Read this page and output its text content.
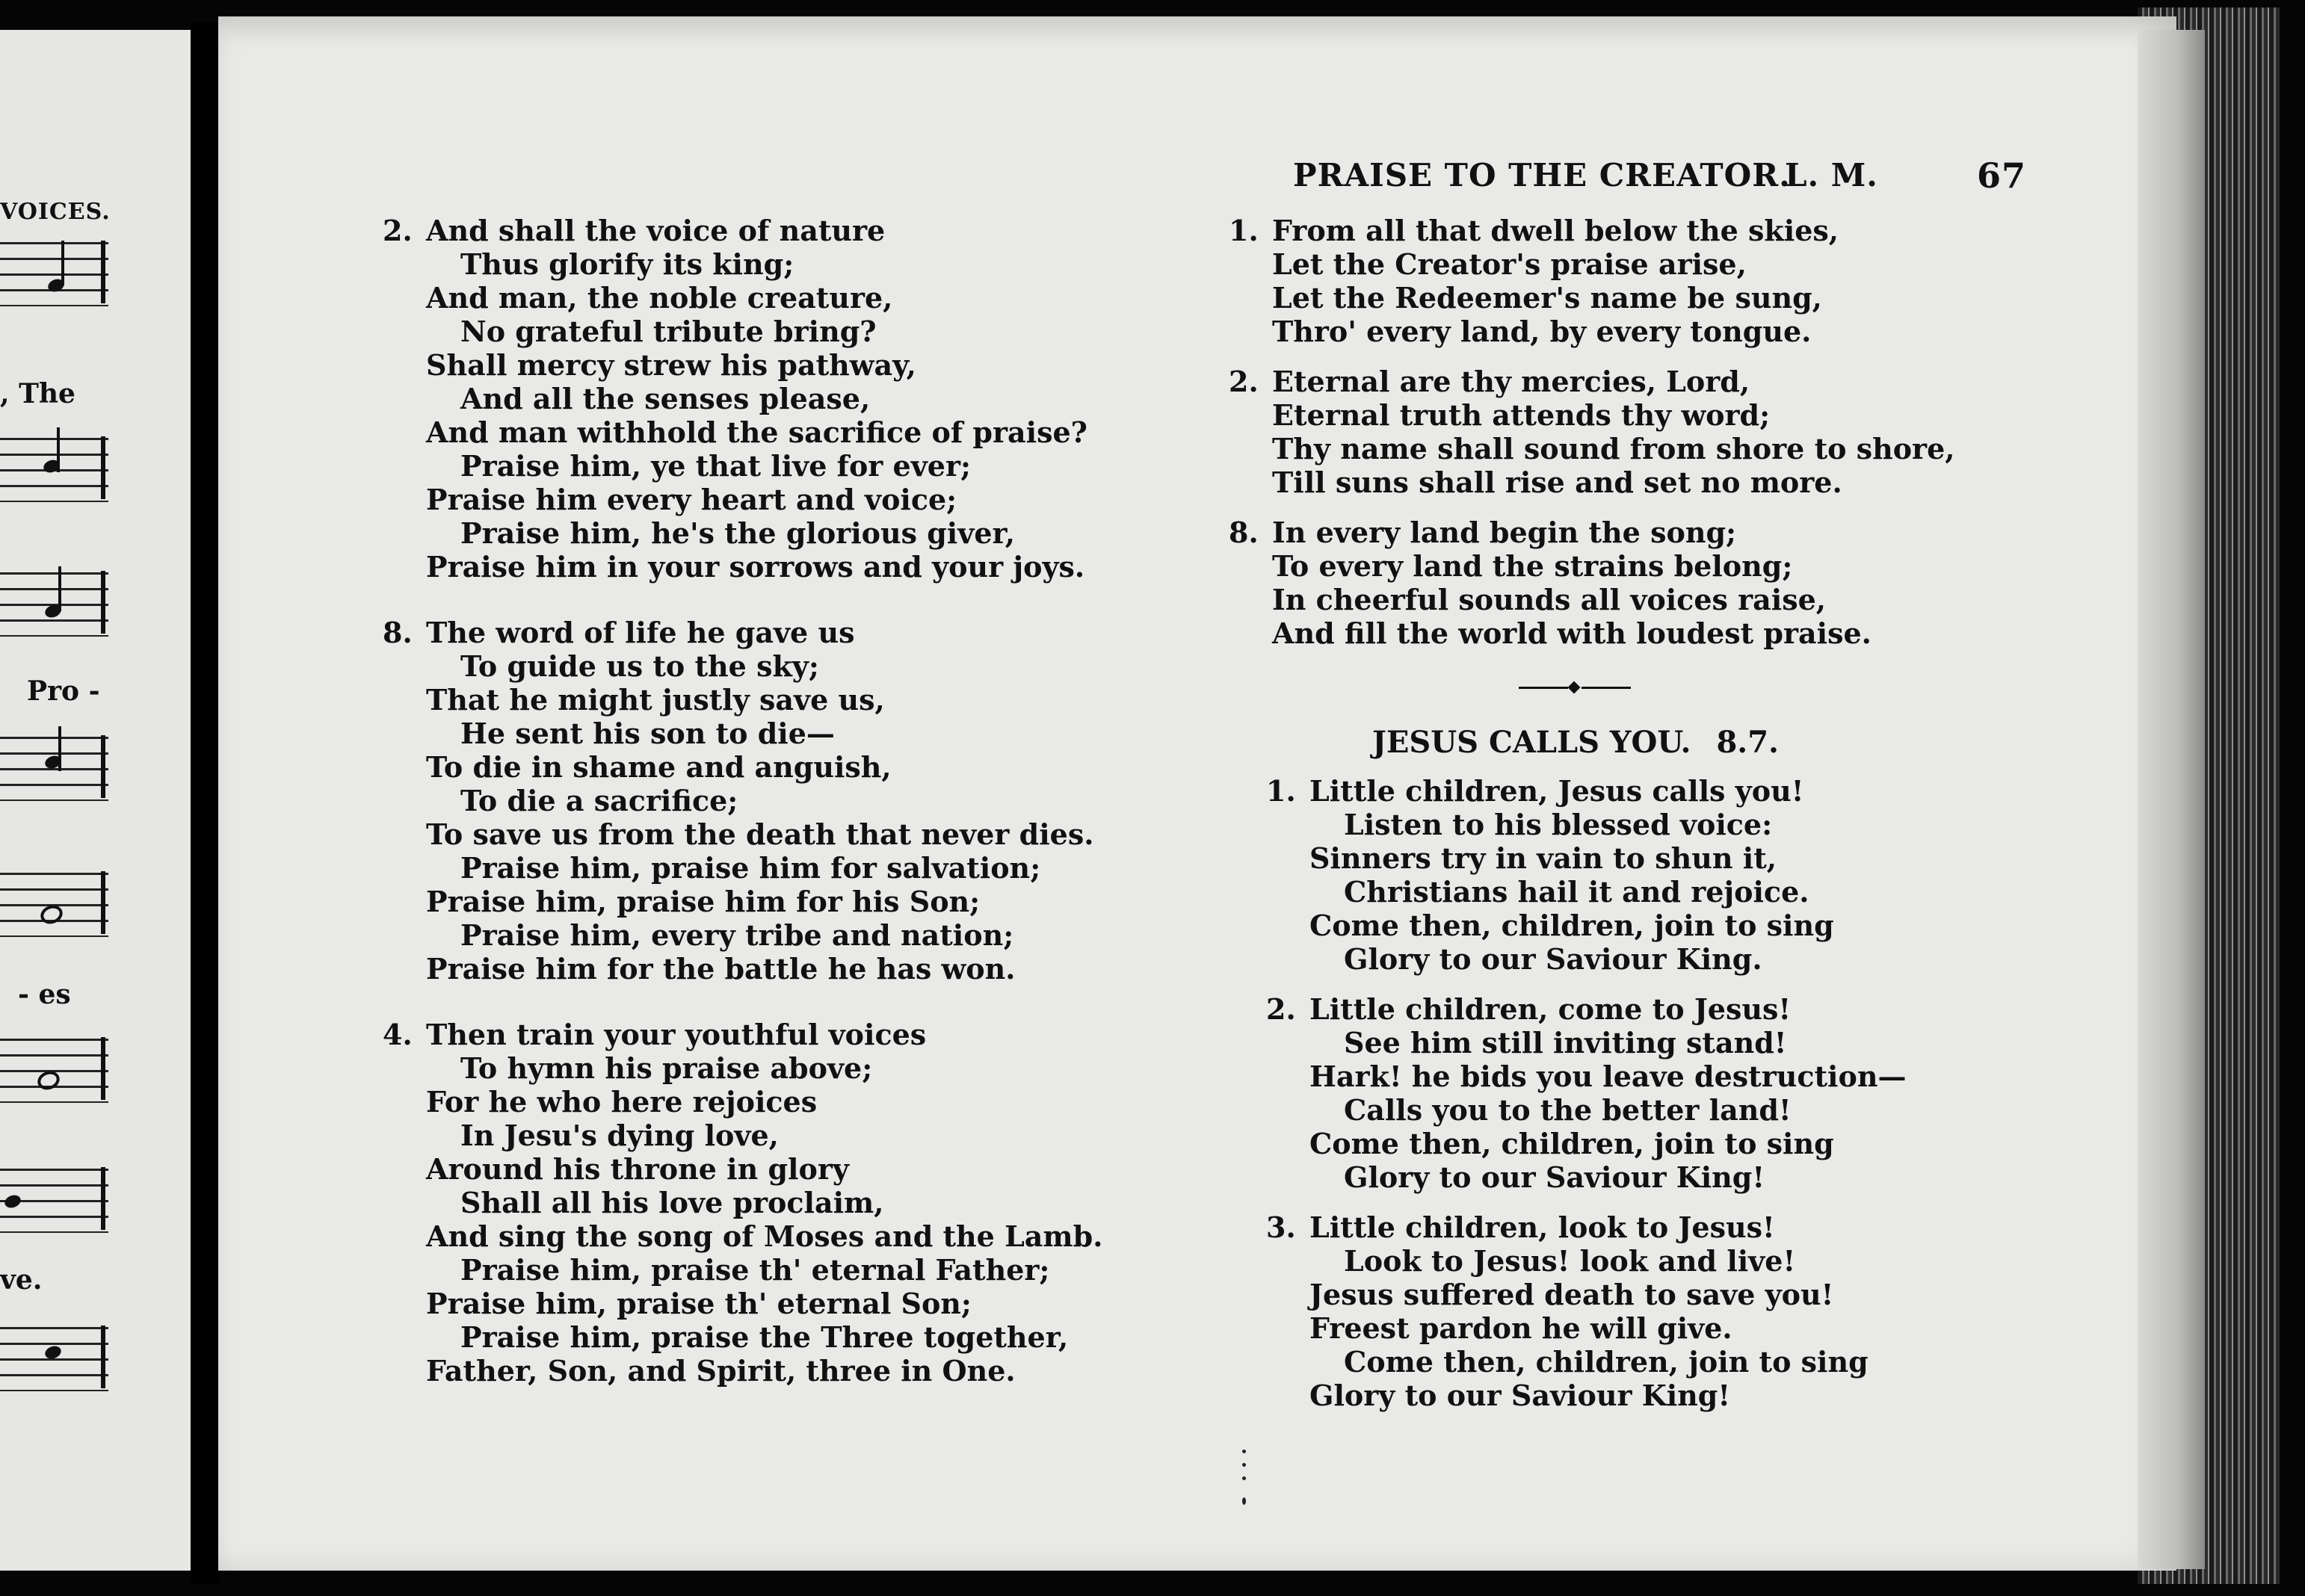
VOICES.
, The
Pro -
- es
ve.
PRAISE TO THE CREATOR.
L. M.	67
2. And shall the voice of nature
Thus glorify its king;
And man, the noble creature,
No grateful tribute bring?
Shall mercy strew his pathway,
And all the senses please,
And man withhold the sacrifice of praise?
Praise him, ye that live for ever;
Praise him every heart and voice;
Praise him, he's the glorious giver,
Praise him in your sorrows and your joys.
8. The word of life he gave us
To guide us to the sky;
That he might justly save us,
He sent his son to die—
To die in shame and anguish,
To die a sacrifice;
To save us from the death that never dies.
Praise him, praise him for salvation;
Praise him, praise him for his Son;
Praise him, every tribe and nation;
Praise him for the battle he has won.
4. Then train your youthful voices
To hymn his praise above;
For he who here rejoices
In Jesu's dying love,
Around his throne in glory
Shall all his love proclaim,
And sing the song of Moses and the Lamb.
Praise him, praise th' eternal Father;
Praise him, praise th' eternal Son;
Praise him, praise the Three together,
Father, Son, and Spirit, three in One.
1. From all that dwell below the skies,
Let the Creator's praise arise,
Let the Redeemer's name be sung,
Thro' every land, by every tongue.
2. Eternal are thy mercies, Lord,
Eternal truth attends thy word;
Thy name shall sound from shore to shore,
Till suns shall rise and set no more.
8. In every land begin the song;
To every land the strains belong;
In cheerful sounds all voices raise,
And fill the world with loudest praise.
JESUS CALLS YOU. 8.7.
1. Little children, Jesus calls you!
Listen to his blessed voice:
Sinners try in vain to shun it,
Christians hail it and rejoice.
Come then, children, join to sing
Glory to our Saviour King.
2. Little children, come to Jesus!
See him still inviting stand!
Hark! he bids you leave destruction—
Calls you to the better land!
Come then, children, join to sing
Glory to our Saviour King!
3. Little children, look to Jesus!
Look to Jesus! look and live!
Jesus suffered death to save you!
Freest pardon he will give.
Come then, children, join to sing
Glory to our Saviour King!
